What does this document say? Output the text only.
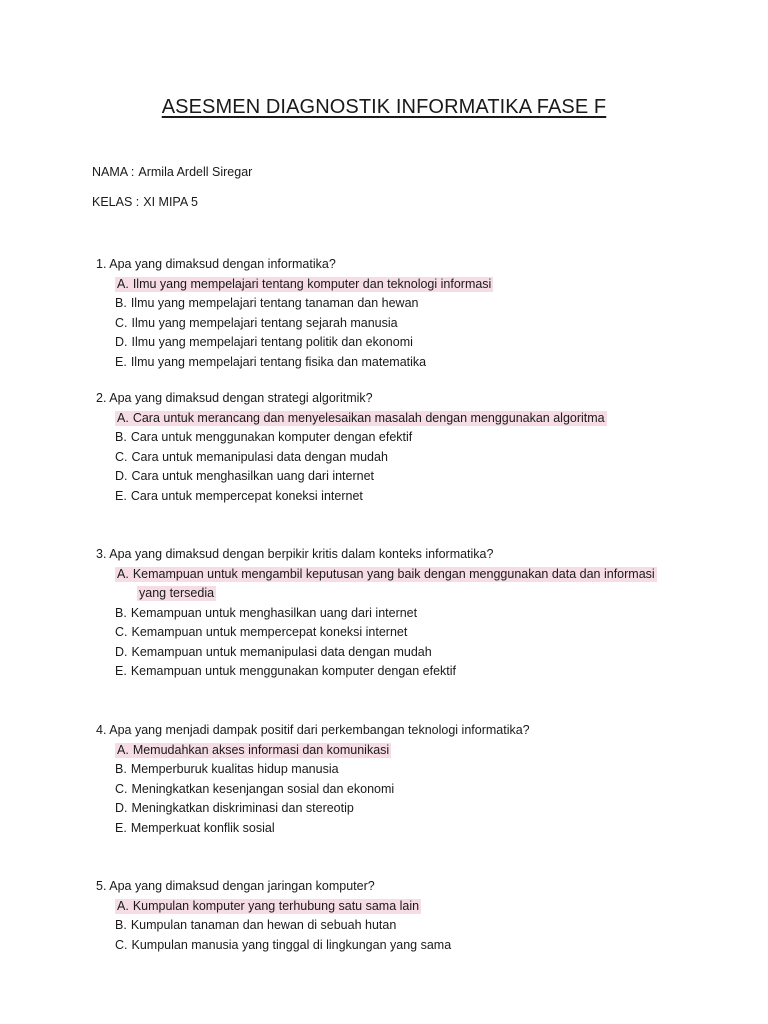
ASESMEN DIAGNOSTIK INFORMATIKA FASE F
NAMA : Armila Ardell Siregar
KELAS : XI MIPA 5
1. Apa yang dimaksud dengan informatika?
A. Ilmu yang mempelajari tentang komputer dan teknologi informasi
B. Ilmu yang mempelajari tentang tanaman dan hewan
C. Ilmu yang mempelajari tentang sejarah manusia
D. Ilmu yang mempelajari tentang politik dan ekonomi
E. Ilmu yang mempelajari tentang fisika dan matematika
2. Apa yang dimaksud dengan strategi algoritmik?
A. Cara untuk merancang dan menyelesaikan masalah dengan menggunakan algoritma
B. Cara untuk menggunakan komputer dengan efektif
C. Cara untuk memanipulasi data dengan mudah
D. Cara untuk menghasilkan uang dari internet
E. Cara untuk mempercepat koneksi internet
3. Apa yang dimaksud dengan berpikir kritis dalam konteks informatika?
A. Kemampuan untuk mengambil keputusan yang baik dengan menggunakan data dan informasi
yang tersedia
B. Kemampuan untuk menghasilkan uang dari internet
C. Kemampuan untuk mempercepat koneksi internet
D. Kemampuan untuk memanipulasi data dengan mudah
E. Kemampuan untuk menggunakan komputer dengan efektif
4. Apa yang menjadi dampak positif dari perkembangan teknologi informatika?
A. Memudahkan akses informasi dan komunikasi
B. Memperburuk kualitas hidup manusia
C. Meningkatkan kesenjangan sosial dan ekonomi
D. Meningkatkan diskriminasi dan stereotip
E. Memperkuat konflik sosial
5. Apa yang dimaksud dengan jaringan komputer?
A. Kumpulan komputer yang terhubung satu sama lain
B. Kumpulan tanaman dan hewan di sebuah hutan
C. Kumpulan manusia yang tinggal di lingkungan yang sama
